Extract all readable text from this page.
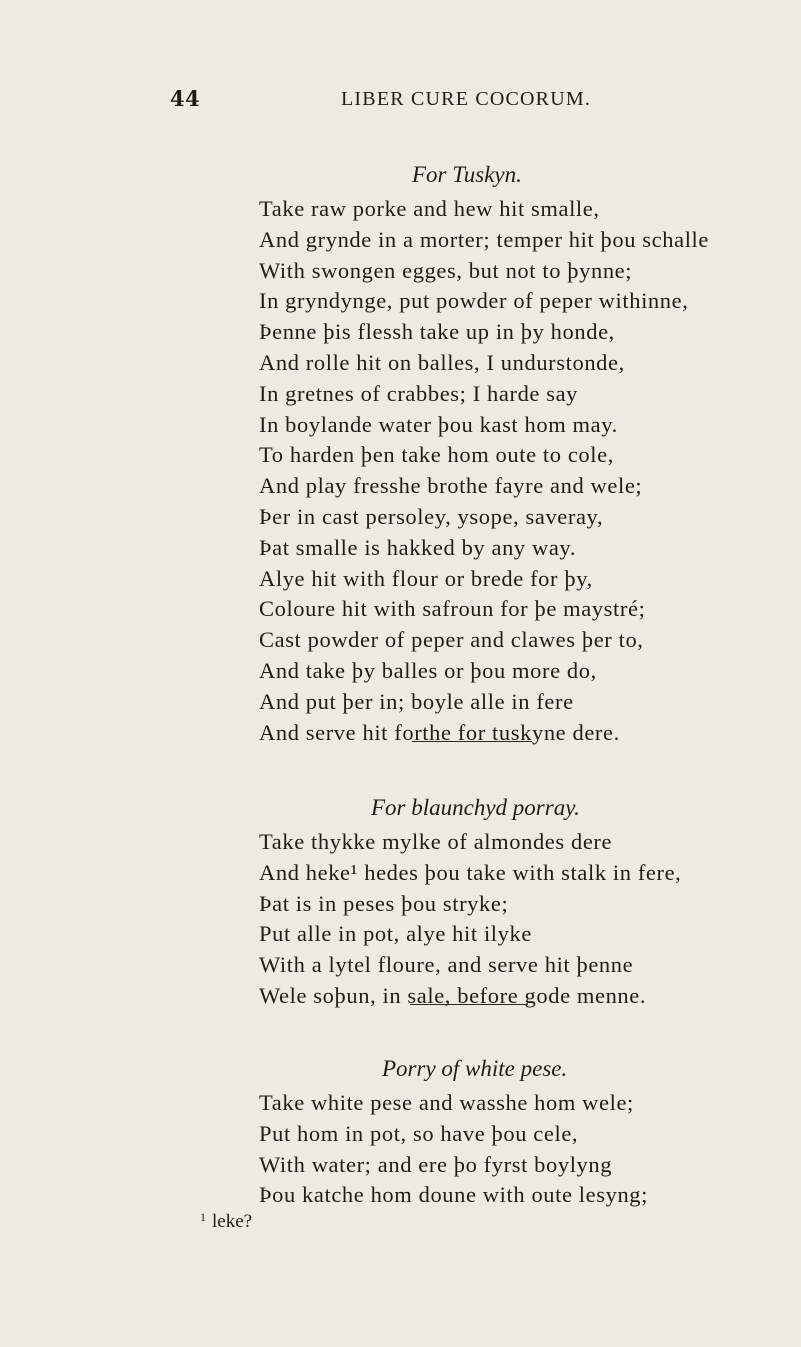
44	LIBER CURE COCORUM.
For Tuskyn.
Take raw porke and hew hit smalle,
And grynde in a morter; temper hit þou schalle
With swongen egges, but not to þynne;
In gryndynge, put powder of peper withinne,
Þenne þis flessh take up in þy honde,
And rolle hit on balles, I undurstonde,
In gretnes of crabbes; I harde say
In boylande water þou kast hom may.
To harden þen take hom oute to cole,
And play fresshe brothe fayre and wele;
Þer in cast persoley, ysope, saveray,
Þat smalle is hakked by any way.
Alye hit with flour or brede for þy,
Coloure hit with safroun for þe maystré;
Cast powder of peper and clawes þer to,
And take þy balles or þou more do,
And put þer in; boyle alle in fere
And serve hit forthe for tuskyne dere.
For blaunchyd porray.
Take thykke mylke of almondes dere
And heke¹ hedes þou take with stalk in fere,
Þat is in peses þou stryke;
Put alle in pot, alye hit ilyke
With a lytel floure, and serve hit þenne
Wele soþun, in sale, before gode menne.
Porry of white pese.
Take white pese and wasshe hom wele;
Put hom in pot, so have þou cele,
With water; and ere þo fyrst boylyng
Þou katche hom doune with oute lesyng;
$^1$ leke?
